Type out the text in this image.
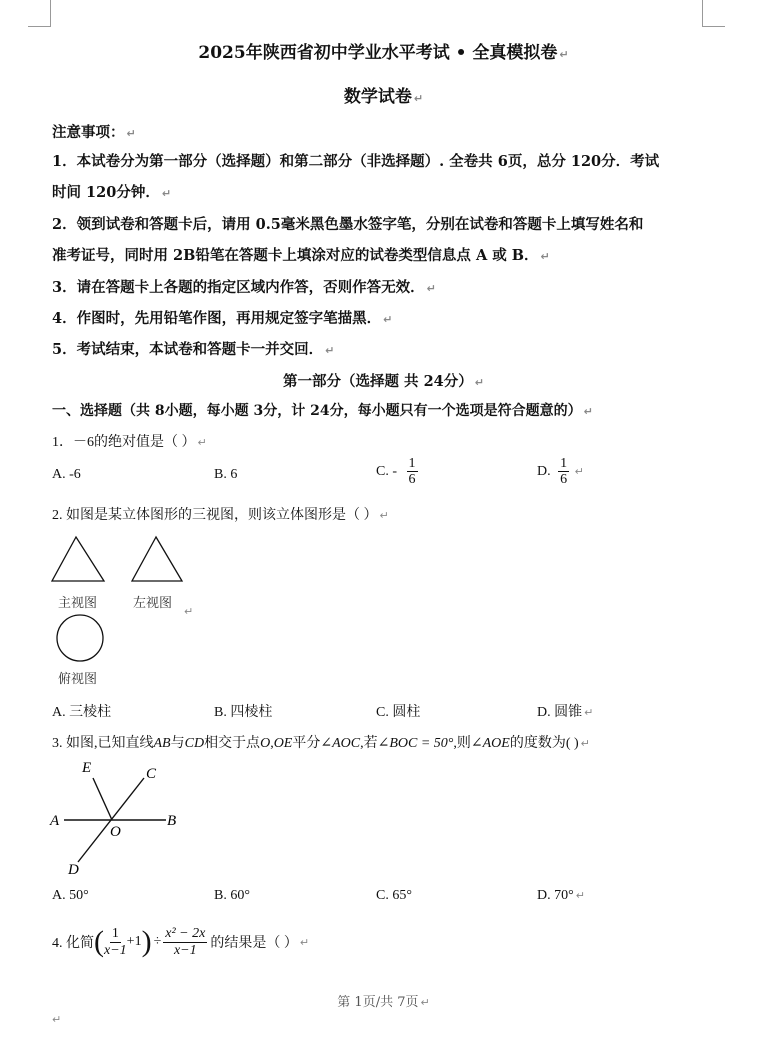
2025年陕西省初中学业水平考试 • 全真模拟卷 ↵
数学试卷 ↵
注意事项： ↵
1．本试卷分为第一部分（选择题）和第二部分（非选择题）. 全卷共 6页，总分 120分．考试
时间 120分钟． ↵
2．领到试卷和答题卡后，请用 0.5毫米黑色墨水签字笔，分别在试卷和答题卡上填写姓名和
准考证号，同时用 2B铅笔在答题卡上填涂对应的试卷类型信息点 A 或 B． ↵
3．请在答题卡上各题的指定区域内作答，否则作答无效． ↵
4．作图时，先用铅笔作图，再用规定签字笔描黑． ↵
5．考试结束，本试卷和答题卡一并交回． ↵
第一部分（选择题 共 24分） ↵
一、选择题（共 8小题，每小题 3分，计 24分，每小题只有一个选项是符合题意的） ↵
1．－6的绝对值是（ ） ↵
A. -6	B. 6	C. - $\frac{1}{6}$	D. $\frac{1}{6}$ ↵
2. 如图是某立体图形的三视图，则该立体图形是（ ） ↵
主视图	左视图
↵
俯视图
A. 三棱柱	B. 四棱柱	C. 圆柱	D. 圆锥 ↵
3. 如图,已知直线AB与CD相交于点O,OE平分∠AOC,若∠BOC = 50°,则∠AOE的度数为( ) ↵
E	C
A	B
O
D
A. 50°	B. 60°	C. 65°	D. 70° ↵
4. 化简 ( $\frac{1}{x-1} +1$ ) ÷ $\frac{\text{x² − 2x}}{x-1}$ 的结果是（ ） ↵
第 1页/共 7页 ↵
↵
